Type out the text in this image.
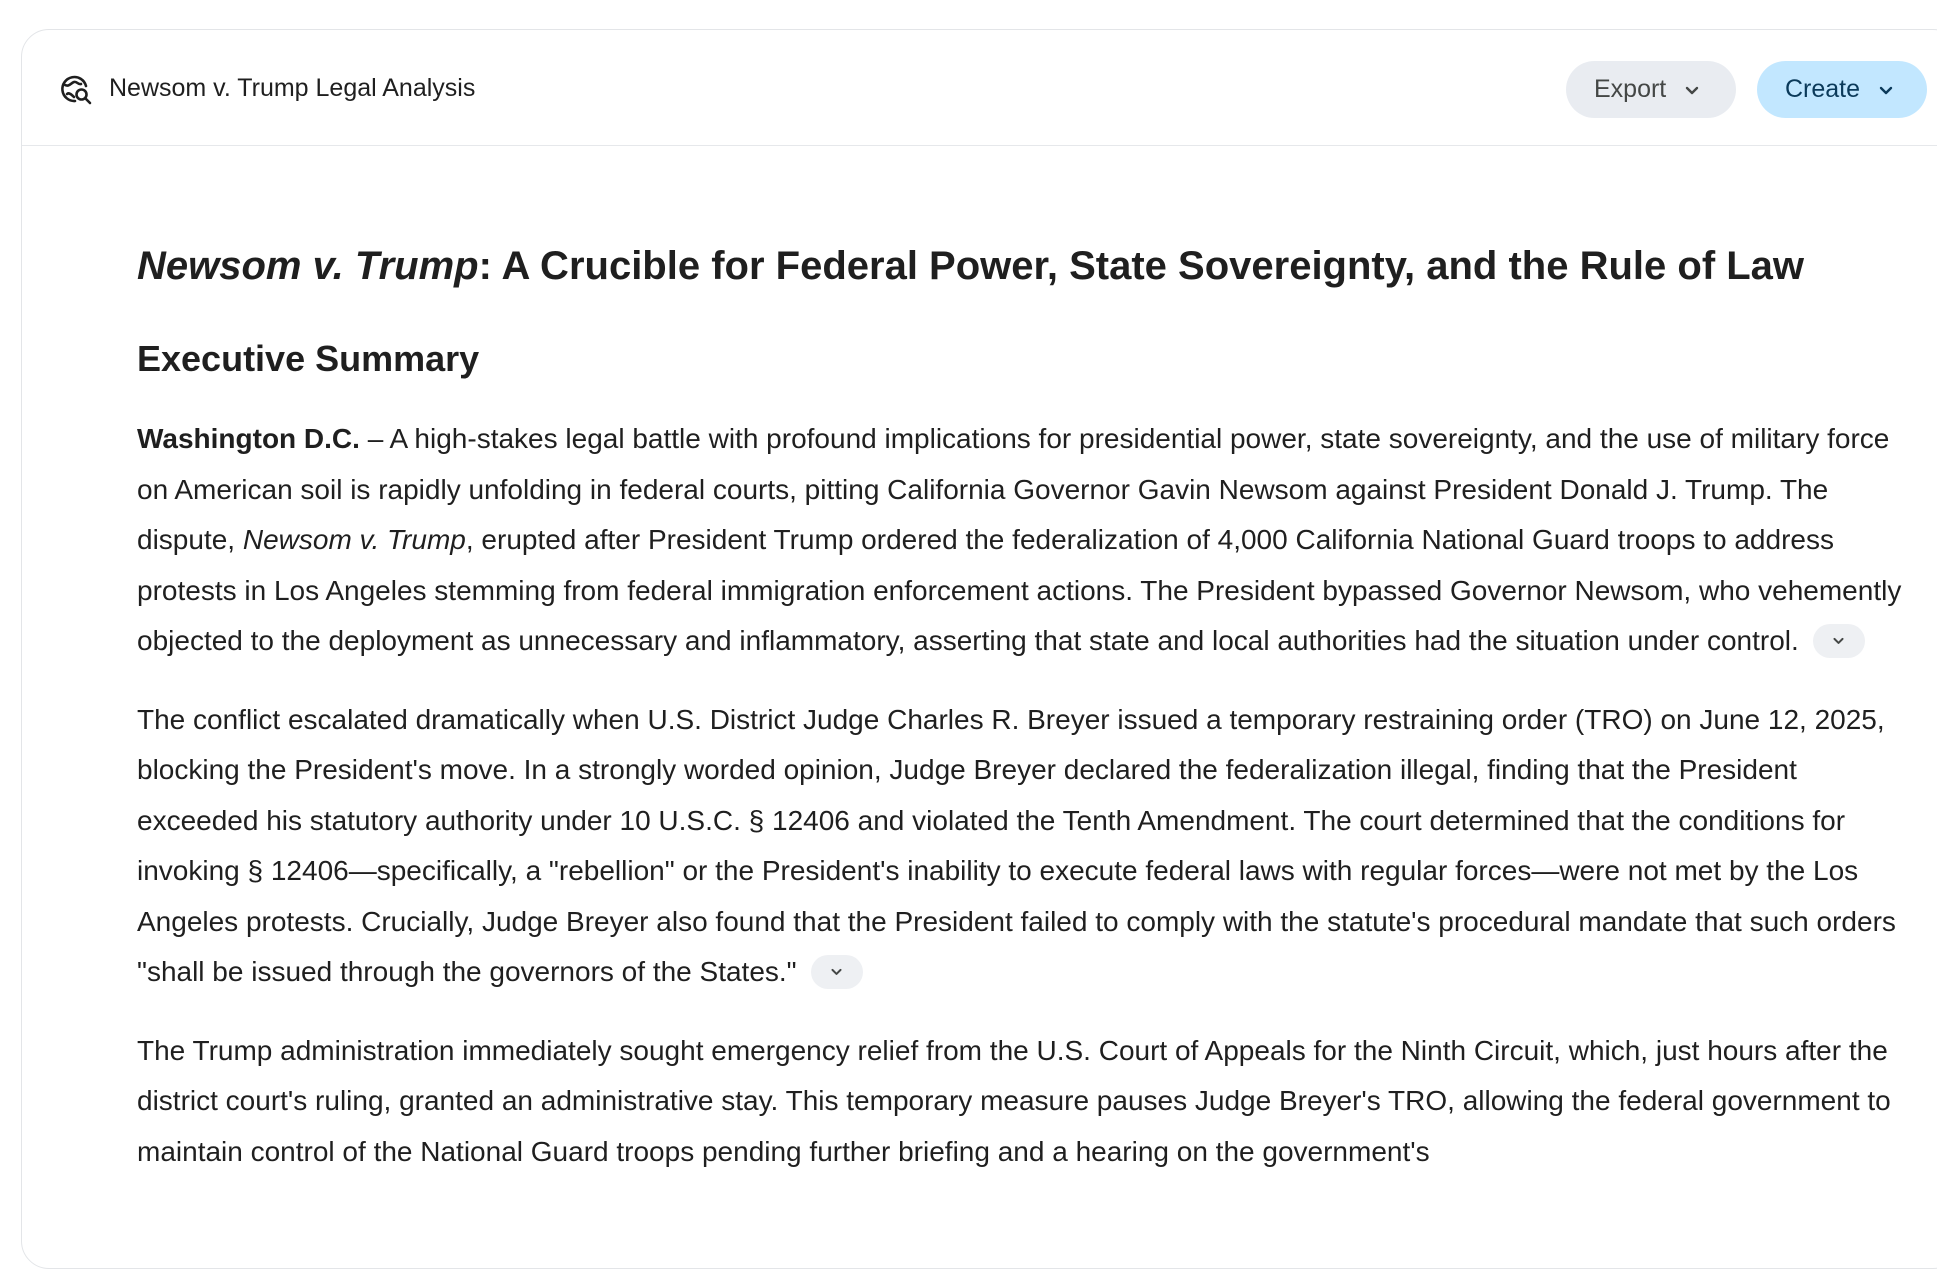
Newsom v. Trump Legal Analysis	Export	Create
Newsom v. Trump: A Crucible for Federal Power, State Sovereignty, and the Rule of Law
Executive Summary

Washington D.C. – A high-stakes legal battle with profound implications for presidential power, state sovereignty, and the use of military force on American soil is rapidly unfolding in federal courts, pitting California Governor Gavin Newsom against President Donald J. Trump. The dispute, Newsom v. Trump, erupted after President Trump ordered the federalization of 4,000 California National Guard troops to address protests in Los Angeles stemming from federal immigration enforcement actions. The President bypassed Governor Newsom, who vehemently objected to the deployment as unnecessary and inflammatory, asserting that state and local authorities had the situation under control.

The conflict escalated dramatically when U.S. District Judge Charles R. Breyer issued a temporary restraining order (TRO) on June 12, 2025, blocking the President's move. In a strongly worded opinion, Judge Breyer declared the federalization illegal, finding that the President exceeded his statutory authority under 10 U.S.C. § 12406 and violated the Tenth Amendment. The court determined that the conditions for invoking § 12406—specifically, a "rebellion" or the President's inability to execute federal laws with regular forces—were not met by the Los Angeles protests. Crucially, Judge Breyer also found that the President failed to comply with the statute's procedural mandate that such orders "shall be issued through the governors of the States."

The Trump administration immediately sought emergency relief from the U.S. Court of Appeals for the Ninth Circuit, which, just hours after the district court's ruling, granted an administrative stay. This temporary measure pauses Judge Breyer's TRO, allowing the federal government to maintain control of the National Guard troops pending further briefing and a hearing on the government's
